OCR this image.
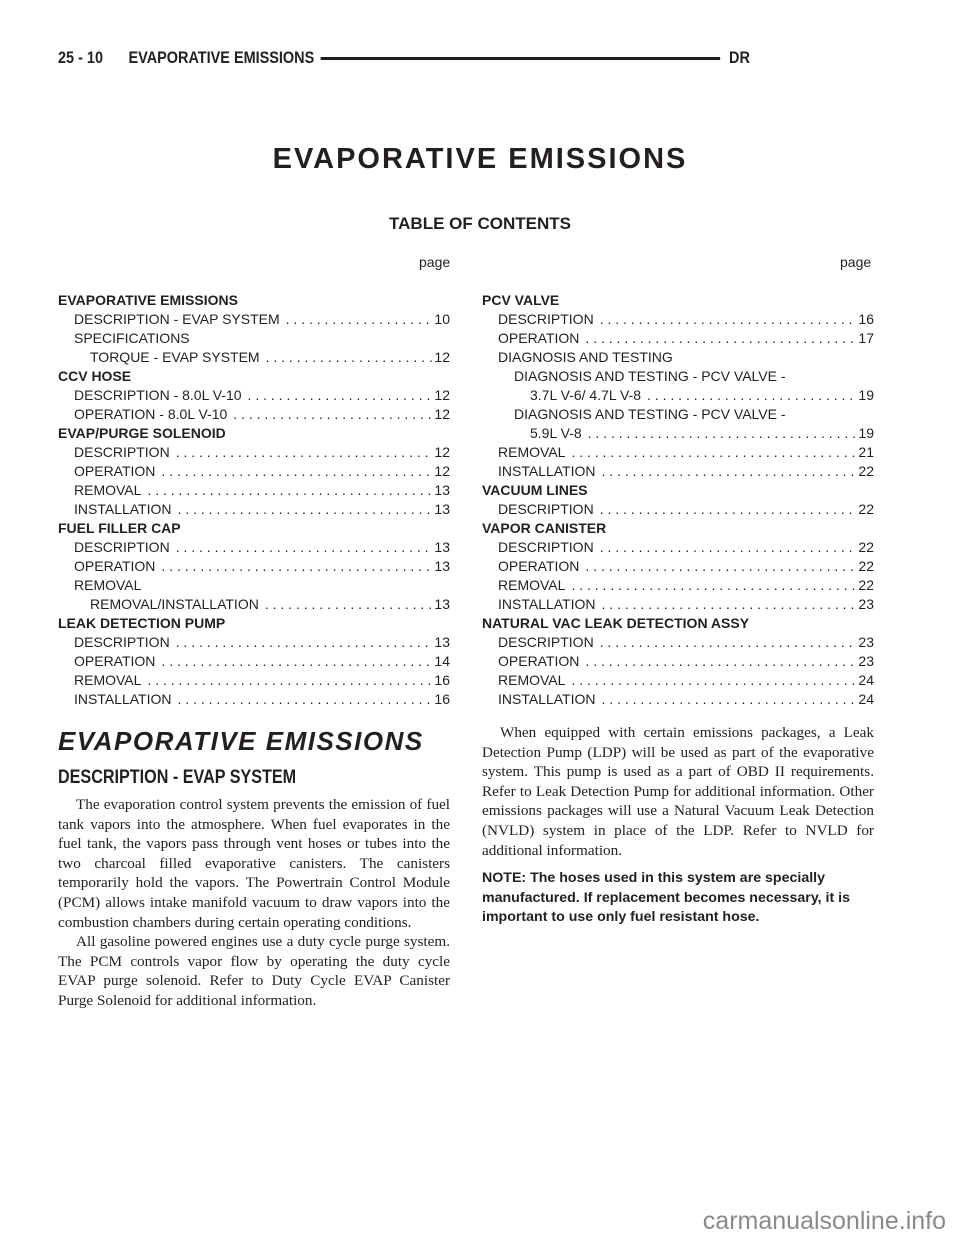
25 - 10 EVAPORATIVE EMISSIONS	DR
EVAPORATIVE EMISSIONS
TABLE OF CONTENTS
page	page
EVAPORATIVE EMISSIONS
DESCRIPTION - EVAP SYSTEM . . .	10
SPECIFICATIONS
TORQUE - EVAP SYSTEM . . .	12
CCV HOSE
DESCRIPTION - 8.0L V-10 . . .	12
OPERATION - 8.0L V-10 . . .	12
EVAP/PURGE SOLENOID
DESCRIPTION . . .	12
OPERATION . . .	12
REMOVAL . . .	13
INSTALLATION . . .	13
FUEL FILLER CAP
DESCRIPTION . . .	13
OPERATION . . .	13
REMOVAL
REMOVAL/INSTALLATION . . .	13
LEAK DETECTION PUMP
DESCRIPTION . . .	13
OPERATION . . .	14
REMOVAL . . .	16
INSTALLATION . . .	16
PCV VALVE
DESCRIPTION . . .	16
OPERATION . . .	17
DIAGNOSIS AND TESTING
DIAGNOSIS AND TESTING - PCV VALVE -
3.7L V-6/ 4.7L V-8 . . .	19
DIAGNOSIS AND TESTING - PCV VALVE -
5.9L V-8 . . .	19
REMOVAL . . .	21
INSTALLATION . . .	22
VACUUM LINES
DESCRIPTION . . .	22
VAPOR CANISTER
DESCRIPTION . . .	22
OPERATION . . .	22
REMOVAL . . .	22
INSTALLATION . . .	23
NATURAL VAC LEAK DETECTION ASSY
DESCRIPTION . . .	23
OPERATION . . .	23
REMOVAL . . .	24
INSTALLATION . . .	24
EVAPORATIVE EMISSIONS
DESCRIPTION - EVAP SYSTEM

The evaporation control system prevents the emission of fuel tank vapors into the atmosphere. When fuel evaporates in the fuel tank, the vapors pass through vent hoses or tubes into the two charcoal filled evaporative canisters. The canisters temporarily hold the vapors. The Powertrain Control Module (PCM) allows intake manifold vacuum to draw vapors into the combustion chambers during certain operating conditions.

All gasoline powered engines use a duty cycle purge system. The PCM controls vapor flow by operating the duty cycle EVAP purge solenoid. Refer to Duty Cycle EVAP Canister Purge Solenoid for additional information.

When equipped with certain emissions packages, a Leak Detection Pump (LDP) will be used as part of the evaporative system. This pump is used as a part of OBD II requirements. Refer to Leak Detection Pump for additional information. Other emissions packages will use a Natural Vacuum Leak Detection (NVLD) system in place of the LDP. Refer to NVLD for additional information.

NOTE: The hoses used in this system are specially manufactured. If replacement becomes necessary, it is important to use only fuel resistant hose.

carmanualsonline.info
